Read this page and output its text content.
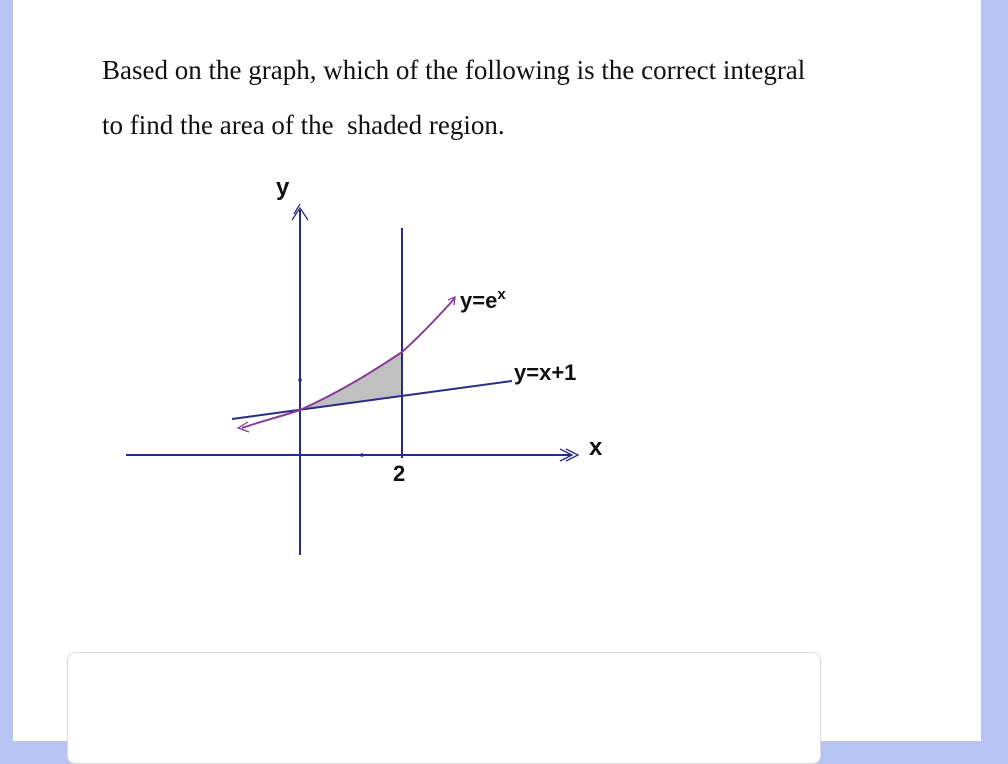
Based on the graph, which of the following is the correct integral
to find the area of the  shaded region.

y
x
2
$y=e^x$
y=x+1
